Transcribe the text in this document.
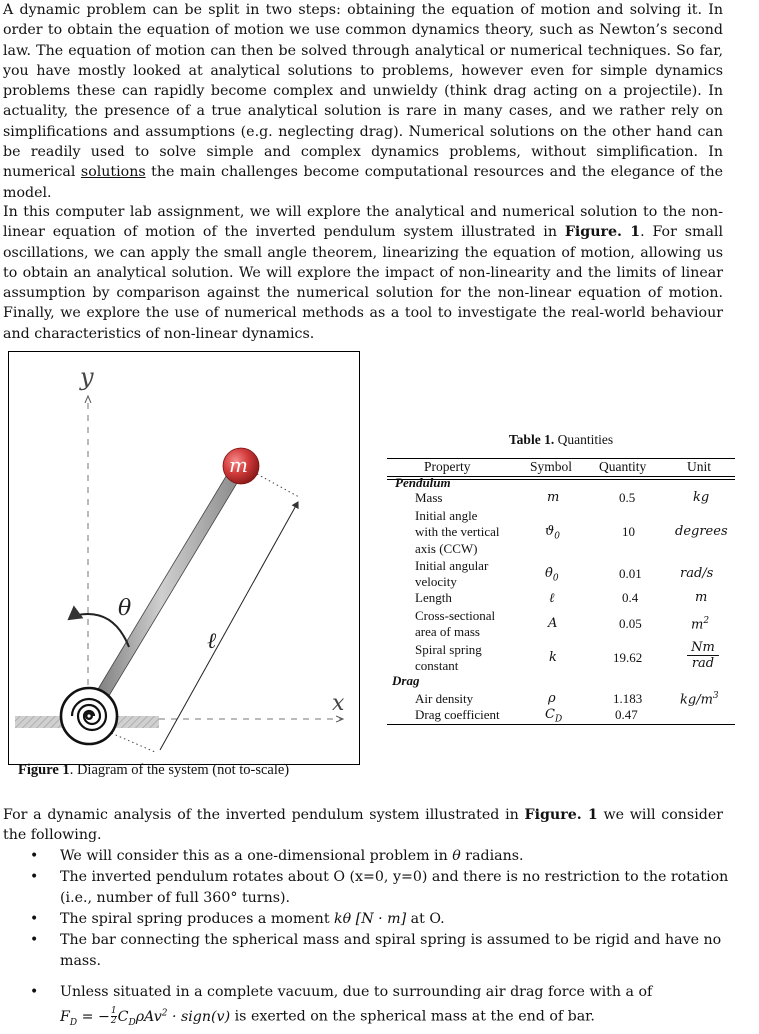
A dynamic problem can be split in two steps: obtaining the equation of motion and solving it. In order to obtain the equation of motion we use common dynamics theory, such as Newton’s second law. The equation of motion can then be solved through analytical or numerical techniques. So far, you have mostly looked at analytical solutions to problems, however even for simple dynamics problems these can rapidly become complex and unwieldy (think drag acting on a projectile). In actuality, the presence of a true analytical solution is rare in many cases, and we rather rely on simplifications and assumptions (e.g. neglecting drag). Numerical solutions on the other hand can be readily used to solve simple and complex dynamics problems, without simplification. In numerical solutions the main challenges become computational resources and the elegance of the model.

In this computer lab assignment, we will explore the analytical and numerical solution to the non-linear equation of motion of the inverted pendulum system illustrated in Figure. 1. For small oscillations, we can apply the small angle theorem, linearizing the equation of motion, allowing us to obtain an analytical solution. We will explore the impact of non-linearity and the limits of linear assumption by comparison against the numerical solution for the non-linear equation of motion. Finally, we explore the use of numerical methods as a tool to investigate the real-world behaviour and characteristics of non-linear dynamics.

y
x
m
θ
ℓ
Figure 1. Diagram of the system (not to-scale)
Table 1. Quantities
Property	Symbol Quantity	Unit
Pendulum
Mass	m	0.5	kg
Initial angle
with the vertical
axis (CCW)
$ϑ_0$	10	degrees
Initial angular
velocity
$\thetȧ_0$	0.01	rad/s
Length	ℓ	0.4	m
Cross-sectional
area of mass
A	0.05	$m^2$
Spiral spring
constant
k	19.62
Nm
rad
Drag
Air density	ρ	1.183	$kg/m^3$
Drag coefficient	$C_D$	0.47

For a dynamic analysis of the inverted pendulum system illustrated in Figure. 1 we will consider the following.

• We will consider this as a one-dimensional problem in θ radians.
• The inverted pendulum rotates about O (x=0, y=0) and there is no restriction to the rotation (i.e., number of full 360° turns).
• The spiral spring produces a moment kθ [N · m] at O.
• The bar connecting the spherical mass and spiral spring is assumed to be rigid and have no mass.
• Unless situated in a complete vacuum, due to surrounding air drag force with a of
$F_D$ = − $\frac{1}{2} C_D\rho Av^2$ · sign(v) is exerted on the spherical mass at the end of bar.
